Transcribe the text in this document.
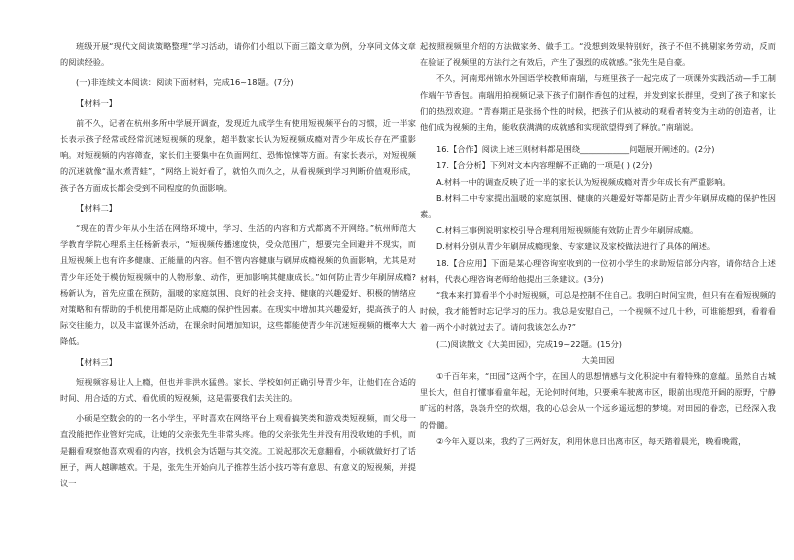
班级开展“现代文阅读策略整理”学习活动，请你们小组以下面三篇文章为例，分享同文体文章的阅读经验。

(一)非连续文本阅读：阅读下面材料，完成16~18题。(7分)

【材料一】

前不久，记者在杭州多所中学展开调查，发现近九成学生有使用短视频平台的习惯，近一半家长表示孩子经常或经常沉迷短视频的现象，超半数家长认为短视频成瘾对青少年成长存在严重影响。对短视频的内容筛查，家长们主要集中在负面网红、恐怖惊悚等方面。有家长表示，对短视频的沉迷就像“温水煮青蛙”，“网络上说好看了，就怕久而久之，从看视频到学习判断价值观形成，孩子各方面成长都会受到不同程度的负面影响。

【材料二】

“现在的青少年从小生活在网络环境中，学习、生活的内容和方式都离不开网络。”杭州师范大学教育学院心理系主任杨新表示，“短视频传播速度快，受众范围广，想要完全回避并不现实，而且短视频上也有许多健康、正能量的内容。但不管内容健康与刷屏成瘾视频的负面影响，尤其是对青少年还处于模仿短视频中的人物形象、动作，更加影响其健康成长。”如何防止青少年刷屏成瘾?杨新认为，首先应重在预防，温暖的家庭氛围、良好的社会支持、健康的兴趣爱好、积极的情绪应对策略和有帮助的手机使用都是防止成瘾的保护性因素。在现实中增加其兴趣爱好，提高孩子的人际交往能力，以及丰富课外活动，在课余时间增加知识，这些都能使青少年沉迷短视频的概率大大降低。

【材料三】

短视频容易让人上瘾，但也并非洪水猛兽。家长、学校如何正确引导青少年，让他们在合适的时间、用合适的方式、看优质的短视频，这是需要我们去关注的。

小硕是空数会的的一名小学生，平时喜欢在网络平台上观看搞笑类和游戏类短视频，而父母一直没能把作业管好完成，让她的父亲张先生非常头疼。他的父亲张先生并没有用没收她的手机，而是翻看观察他喜欢观看的内容，找机会为话题与其交流。工说起那次无意翻看，小硕就做好打了话匣子，两人越聊越欢。于是，张先生开始向儿子推荐生活小技巧等有意思、有意义的短视频，并提议一

起按照视频里介绍的方法做家务、做手工。“没想到效果特别好，孩子不但不挑剔家务劳动，反而在验证了视频里的方法行之有效后，产生了强烈的成就感。”张先生是自豪。

不久，河南郑州锦水外国语学校教师南瑞，与班里孩子一起完成了一项课外实践活动—手工制作端午节香包。南瑞用拍视频记录下孩子们制作香包的过程，并发到家长群里，受到了孩子和家长们的热烈欢迎。“青春期正是张扬个性的时候，把孩子们从被动的观看者转变为主动的创造者，让他们成为视频的主角，能收获满满的成就感和实现欲望得到了释放。”南瑞说。

16.【合作】阅读上述三则材料都是围绕____________问题展开阐述的。(2分)

17.【合分析】下列对文本内容理解不正确的一项是( ) (2分)

A.材料一中的调查反映了近一半的家长认为短视频成瘾对青少年成长有严重影响。

B.材料二中专家提出温暖的家庭氛围、健康的兴趣爱好等都是防止青少年刷屏成瘾的保护性因素。

C.材料三事例说明家校引导合理利用短视频能有效防止青少年刷屏成瘾。

D.材料分别从青少年刷屏成瘾现象、专家建议及家校做法进行了具体的阐述。

18.【合应用】下面是某心理咨询室收到的一位初小学生的求助短信部分内容，请你结合上述材料，代表心理咨询老师给他提出三条建议。(3分)

“我本来打算看半个小时短视频，可总是控制不住自己。我明白时间宝贵，但只有在看短视频的时候，我才能暂时忘记学习的压力。我总是安慰自己，一个视频不过几十秒，可谁能想到，看着看着一两个小时就过去了。请问我该怎么办?”

(二)阅读散文《大美田园》，完成19~22题。(15分)

大美田园

①千百年来，“田园”这两个字，在国人的思想情感与文化积淀中有着特殊的意蕴。虽然自古城里长大，但自打懂事看童年起，无论何时何地，只要乘车驶离市区，眼前出现范开阔的原野，宁静旷远的村落，袅袅升空的炊烟，我的心总会从一个远乡遥远想的梦境。对田园的眷恋，已经深入我的骨髓。

②今年入夏以来，我约了三两好友，利用休息日出离市区，每天踏着晨光，晚看晚霞，
